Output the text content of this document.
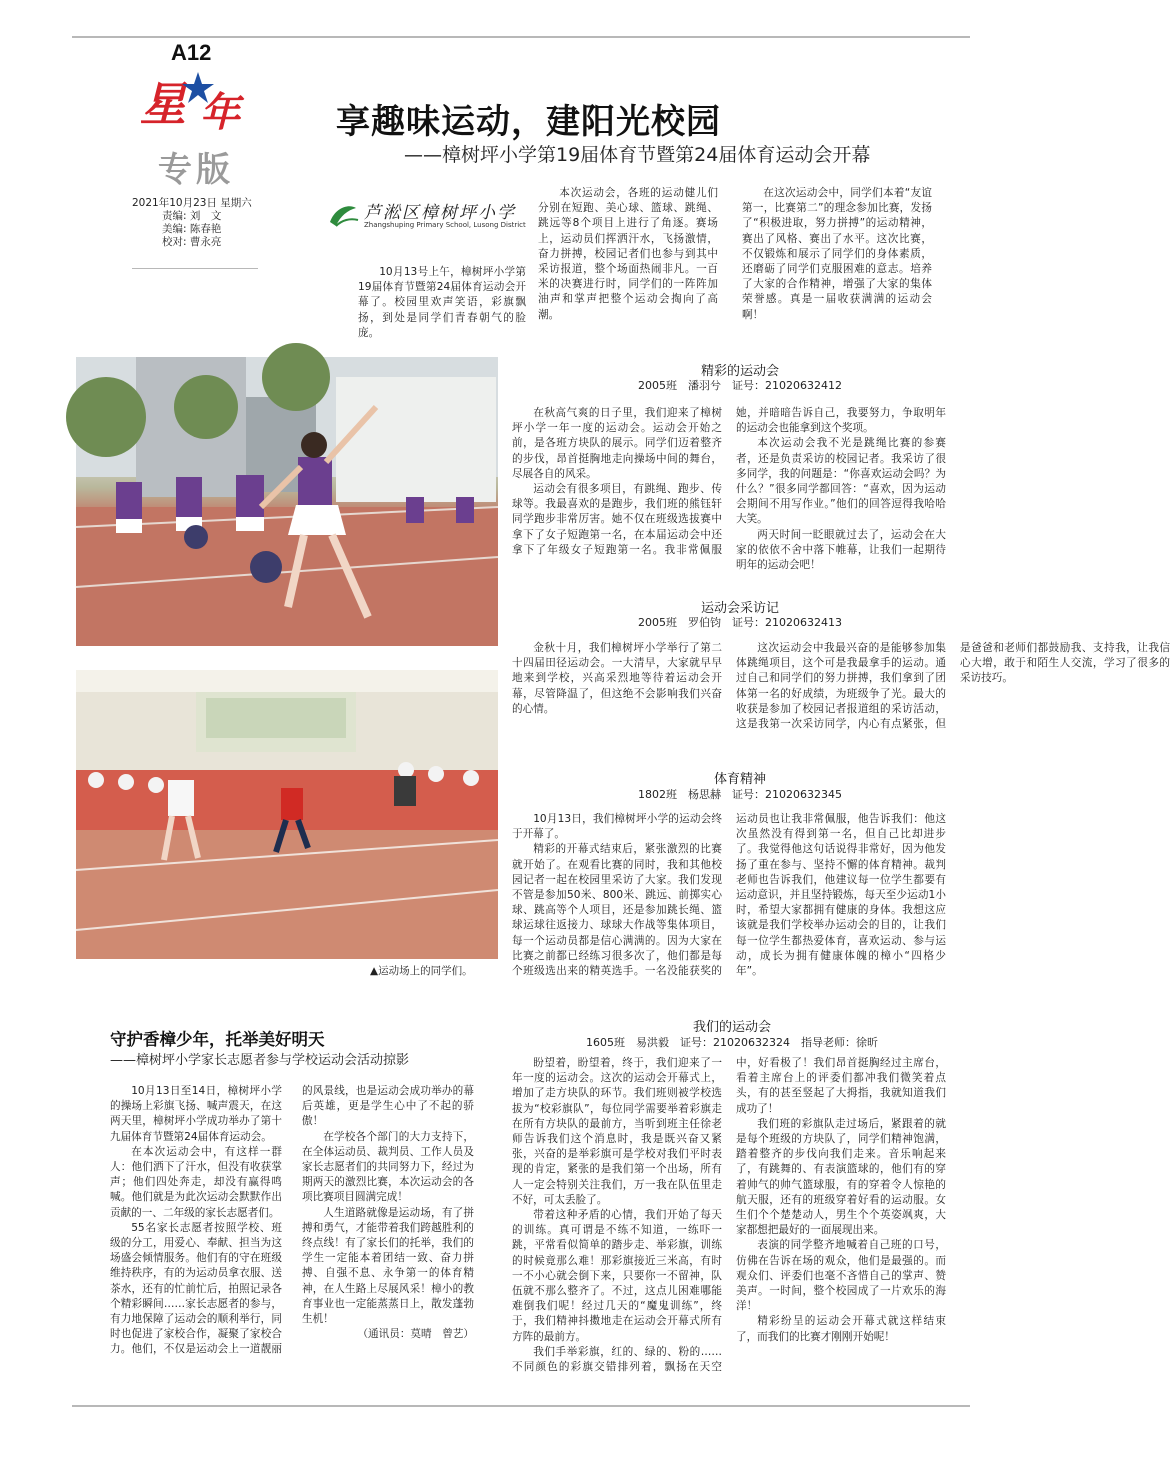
A12
星 年
专版
2021年10月23日 星期六
责编: 刘　文
美编: 陈春艳
校对: 曹永亮
享趣味运动，建阳光校园
——樟树坪小学第19届体育节暨第24届体育运动会开幕
芦淞区樟树坪小学
Zhangshuping Primary School, Lusong District

10月13号上午，樟树坪小学第19届体育节暨第24届体育运动会开幕了。校园里欢声笑语，彩旗飘扬，到处是同学们青春朝气的脸庞。

本次运动会，各班的运动健儿们分别在短跑、美心球、篮球、跳绳、跳远等8个项目上进行了角逐。赛场上，运动员们挥洒汗水，飞扬激情，奋力拼搏，校园记者们也参与到其中采访报道，整个场面热闹非凡。一百米的决赛进行时，同学们的一阵阵加油声和掌声把整个运动会掏向了高潮。

在这次运动会中，同学们本着“友谊第一，比赛第二”的理念参加比赛，发扬了“积极进取，努力拼搏”的运动精神，赛出了风格、赛出了水平。这次比赛，不仅锻炼和展示了同学们的身体素质，还磨砺了同学们克服困难的意志。培养了大家的合作精神，增强了大家的集体荣誉感。真是一届收获满满的运动会啊！

▲运动场上的同学们。
精彩的运动会
2005班　潘羽兮　证号：21020632412
在秋高气爽的日子里，我们迎来了樟树坪小学一年一度的运动会。运动会开始之前，是各班方块队的展示。同学们迈着整齐的步伐，昂首挺胸地走向操场中间的舞台，尽展各自的风采。
运动会有很多项目，有跳绳、跑步、传球等。我最喜欢的是跑步，我们班的熊钰轩同学跑步非常厉害。她不仅在班级选拔赛中拿下了女子短跑第一名，在本届运动会中还拿下了年级女子短跑第一名。我非常佩服她，并暗暗告诉自己，我要努力，争取明年的运动会也能拿到这个奖项。
本次运动会我不光是跳绳比赛的参赛者，还是负责采访的校园记者。我采访了很多同学，我的问题是：“你喜欢运动会吗？为什么？”很多同学都回答：“喜欢，因为运动会期间不用写作业。”他们的回答逗得我哈哈大笑。
两天时间一眨眼就过去了，运动会在大家的依依不舍中落下帷幕，让我们一起期待明年的运动会吧！
运动会采访记
2005班　罗伯钧　证号：21020632413
金秋十月，我们樟树坪小学举行了第二十四届田径运动会。一大清早，大家就早早地来到学校，兴高采烈地等待着运动会开幕，尽管降温了，但这绝不会影响我们兴奋的心情。
这次运动会中我最兴奋的是能够参加集体跳绳项目，这个可是我最拿手的运动。通过自己和同学们的努力拼搏，我们拿到了团体第一名的好成绩，为班级争了光。最大的收获是参加了校园记者报道组的采访活动，这是我第一次采访同学，内心有点紧张，但是爸爸和老师们都鼓励我、支持我，让我信心大增，敢于和陌生人交流，学习了很多的采访技巧。
体育精神
1802班　杨思赫　证号：21020632345
10月13日，我们樟树坪小学的运动会终于开幕了。
精彩的开幕式结束后，紧张激烈的比赛就开始了。在观看比赛的同时，我和其他校园记者一起在校园里采访了大家。我们发现不管是参加50米、800米、跳远、前掷实心球、跳高等个人项目，还是参加跳长绳、篮球运球往返接力、球球大作战等集体项目，每一个运动员都是信心满满的。因为大家在比赛之前都已经练习很多次了，他们都是每个班级选出来的精英选手。一名没能获奖的运动员也让我非常佩服，他告诉我们：他这次虽然没有得到第一名，但自己比却进步了。我觉得他这句话说得非常好，因为他发扬了重在参与、坚持不懈的体育精神。裁判老师也告诉我们，他建议每一位学生都要有运动意识，并且坚持锻炼，每天至少运动1小时，希望大家都拥有健康的身体。我想这应该就是我们学校举办运动会的目的，让我们每一位学生都热爱体育，喜欢运动、参与运动，成长为拥有健康体魄的樟小“四格少年”。
守护香樟少年，托举美好明天
——樟树坪小学家长志愿者参与学校运动会活动掠影
10月13日至14日，樟树坪小学的操场上彩旗飞扬、喊声震天，在这两天里，樟树坪小学成功举办了第十九届体育节暨第24届体育运动会。
在本次运动会中，有这样一群人：他们洒下了汗水，但没有收获掌声；他们四处奔走，却没有赢得鸣喊。他们就是为此次运动会默默作出贡献的一、二年级的家长志愿者们。
55名家长志愿者按照学校、班级的分工，用爱心、奉献、担当为这场盛会倾情服务。他们有的守在班级维持秩序，有的为运动员拿衣服、送茶水，还有的忙前忙后，拍照记录各个精彩瞬间……家长志愿者的参与，有力地保障了运动会的顺利举行，同时也促进了家校合作，凝聚了家校合力。他们，不仅是运动会上一道靓丽的风景线，也是运动会成功举办的幕后英雄，更是学生心中了不起的骄傲！
在学校各个部门的大力支持下，在全体运动员、裁判员、工作人员及家长志愿者们的共同努力下，经过为期两天的激烈比赛，本次运动会的各项比赛项目圆满完成！
人生道路就像是运动场，有了拼搏和勇气，才能带着我们跨越胜利的终点线！有了家长们的托举，我们的学生一定能本着团结一致、奋力拼搏、自强不息、永争第一的体育精神，在人生路上尽展风采！樟小的教育事业也一定能蒸蒸日上，散发蓬勃生机！
（通讯员：莫晴　曾艺）
我们的运动会
1605班　易洪毅　证号：21020632324　指导老师：徐昕
盼望着，盼望着，终于，我们迎来了一年一度的运动会。这次的运动会开幕式上，增加了走方块队的环节。我们班则被学校选拔为“校彩旗队”，每位同学需要举着彩旗走在所有方块队的最前方，当听到班主任徐老师告诉我们这个消息时，我是既兴奋又紧张，兴奋的是举彩旗可是学校对我们平时表现的肯定，紧张的是我们第一个出场，所有人一定会特别关注我们，万一我在队伍里走不好，可太丢脸了。
带着这种矛盾的心情，我们开始了每天的训练。真可谓是不练不知道，一练吓一跳，平常看似简单的踏步走、举彩旗，训练的时候竟那么难！那彩旗接近三米高，有时一不小心就会倒下来，只要你一不留神，队伍就不那么整齐了。不过，这点儿困难哪能难倒我们呢！经过几天的“魔鬼训练”，终于，我们精神抖擞地走在运动会开幕式所有方阵的最前方。
我们手举彩旗，红的、绿的、粉的……不同颜色的彩旗交错排列着，飘扬在天空中，好看极了！我们昂首挺胸经过主席台，看着主席台上的评委们都冲我们微笑着点头，有的甚至竖起了大拇指，我就知道我们成功了！
我们班的彩旗队走过场后，紧跟着的就是每个班级的方块队了，同学们精神饱满，踏着整齐的步伐向我们走来。音乐响起来了，有跳舞的、有表演篮球的，他们有的穿着帅气的帅气篮球服，有的穿着令人惊艳的航天服，还有的班级穿着好看的运动服。女生们个个楚楚动人，男生个个英姿飒爽，大家都想把最好的一面展现出来。
表演的同学整齐地喊着自己班的口号，仿佛在告诉在场的观众，他们是最强的。而观众们、评委们也毫不吝惜自己的掌声、赞美声。一时间，整个校园成了一片欢乐的海洋！
精彩纷呈的运动会开幕式就这样结束了，而我们的比赛才刚刚开始呢！
